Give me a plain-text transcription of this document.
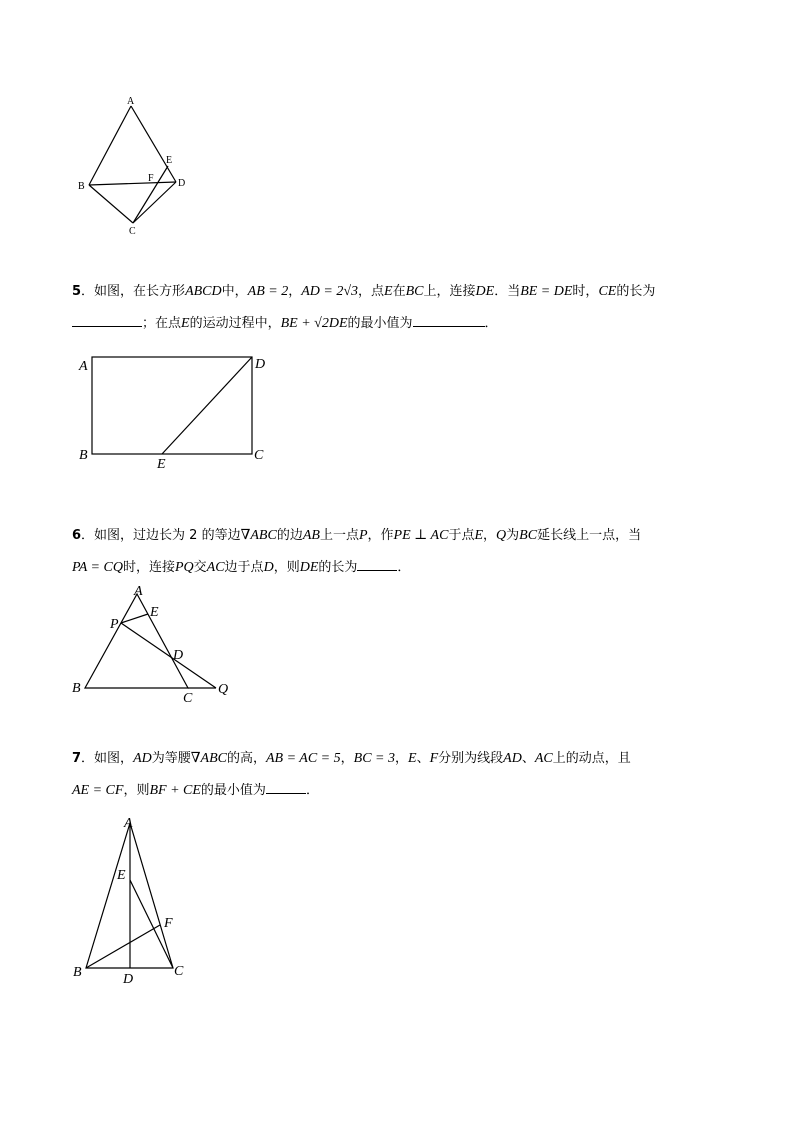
A
B
C
D
E
F
5．如图，在长方形ABCD中，AB = 2，AD = 2√3，点E在BC上，连接DE．当BE = DE时，CE的长为
；在点E的运动过程中，BE + √2DE的最小值为	．
A	D
B	C
E
6．如图，过边长为 2 的等边∇ABC的边AB上一点P，作PE ⊥ AC于点E，Q为BC延长线上一点，当
PA = CQ时，连接PQ交AC边于点D，则DE的长为	．
A
E
P
D
B
C
Q
7．如图，AD为等腰∇ABC的高，AB = AC = 5，BC = 3，E、F分别为线段AD、AC上的动点，且
AE = CF，则BF + CE的最小值为	．
A
E
F
B	C
D
